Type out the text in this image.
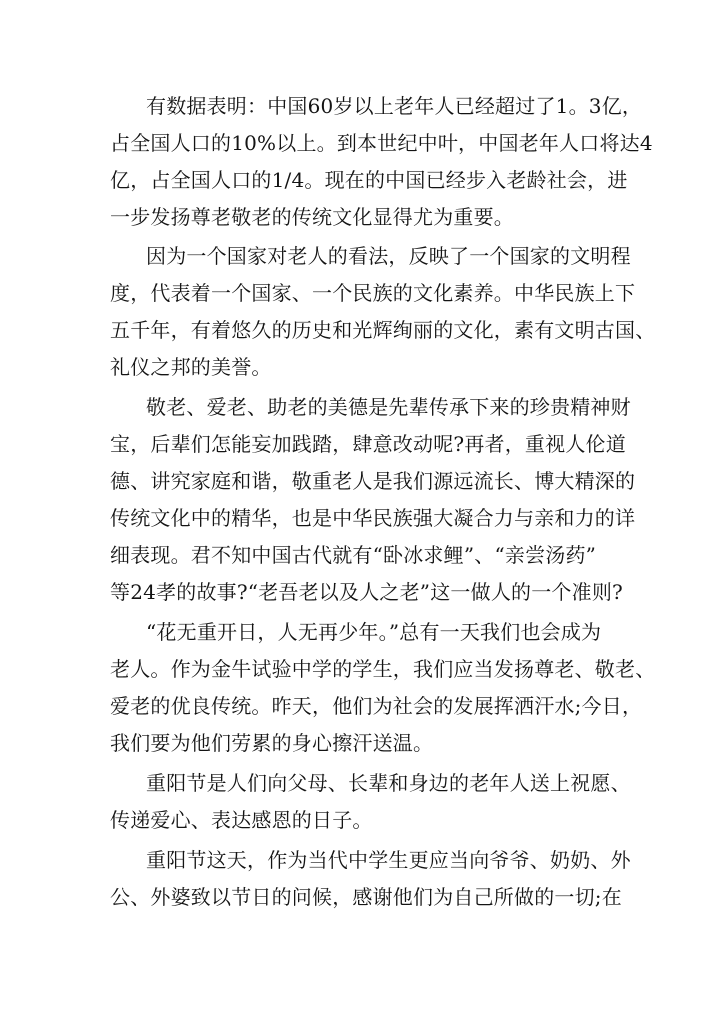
有数据表明：中国60岁以上老年人已经超过了1。3亿，
占全国人口的10%以上。到本世纪中叶，中国老年人口将达4
亿，占全国人口的1/4。现在的中国已经步入老龄社会，进
一步发扬尊老敬老的传统文化显得尤为重要。
因为一个国家对老人的看法，反映了一个国家的文明程
度，代表着一个国家、一个民族的文化素养。中华民族上下
五千年，有着悠久的历史和光辉绚丽的文化，素有文明古国、
礼仪之邦的美誉。
敬老、爱老、助老的美德是先辈传承下来的珍贵精神财
宝，后辈们怎能妄加践踏，肆意改动呢?再者，重视人伦道
德、讲究家庭和谐，敬重老人是我们源远流长、博大精深的
传统文化中的精华，也是中华民族强大凝合力与亲和力的详
细表现。君不知中国古代就有“卧冰求鲤”、“亲尝汤药”
等24孝的故事?“老吾老以及人之老”这一做人的一个准则?
“花无重开日，人无再少年。”总有一天我们也会成为
老人。作为金牛试验中学的学生，我们应当发扬尊老、敬老、
爱老的优良传统。昨天，他们为社会的发展挥洒汗水;今日，
我们要为他们劳累的身心擦汗送温。
重阳节是人们向父母、长辈和身边的老年人送上祝愿、
传递爱心、表达感恩的日子。
重阳节这天，作为当代中学生更应当向爷爷、奶奶、外
公、外婆致以节日的问候，感谢他们为自己所做的一切;在
